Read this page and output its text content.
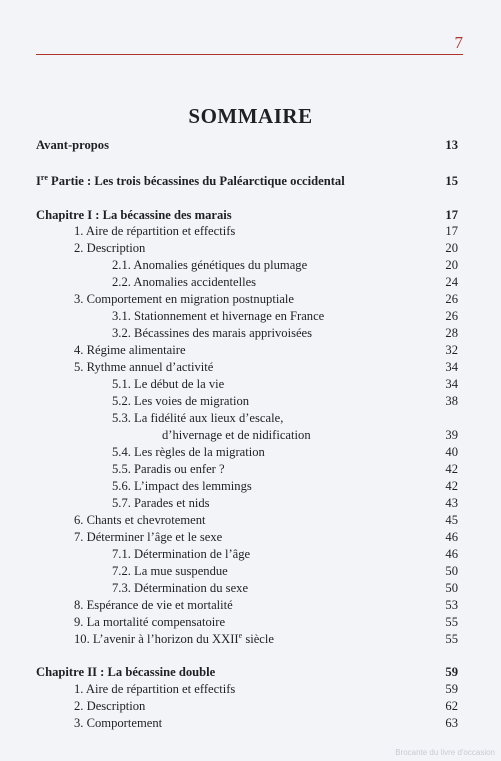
7
SOMMAIRE
Avant-propos	13
Ire Partie : Les trois bécassines du Paléarctique occidental	15
Chapitre I : La bécassine des marais	17
1. Aire de répartition et effectifs	17
2. Description	20
2.1. Anomalies génétiques du plumage	20
2.2. Anomalies accidentelles	24
3. Comportement en migration postnuptiale	26
3.1. Stationnement et hivernage en France	26
3.2. Bécassines des marais apprivoisées	28
4. Régime alimentaire	32
5. Rythme annuel d’activité	34
5.1. Le début de la vie	34
5.2. Les voies de migration	38
5.3. La fidélité aux lieux d’escale,
d’hivernage et de nidification	39
5.4. Les règles de la migration	40
5.5. Paradis ou enfer ?	42
5.6. L’impact des lemmings	42
5.7. Parades et nids	43
6. Chants et chevrotement	45
7. Déterminer l’âge et le sexe	46
7.1. Détermination de l’âge	46
7.2. La mue suspendue	50
7.3. Détermination du sexe	50
8. Espérance de vie et mortalité	53
9. La mortalité compensatoire	55
10. L’avenir à l’horizon du XXIIe siècle	55
Chapitre II : La bécassine double	59
1. Aire de répartition et effectifs	59
2. Description	62
3. Comportement	63
Brocante du livre d'occasion
